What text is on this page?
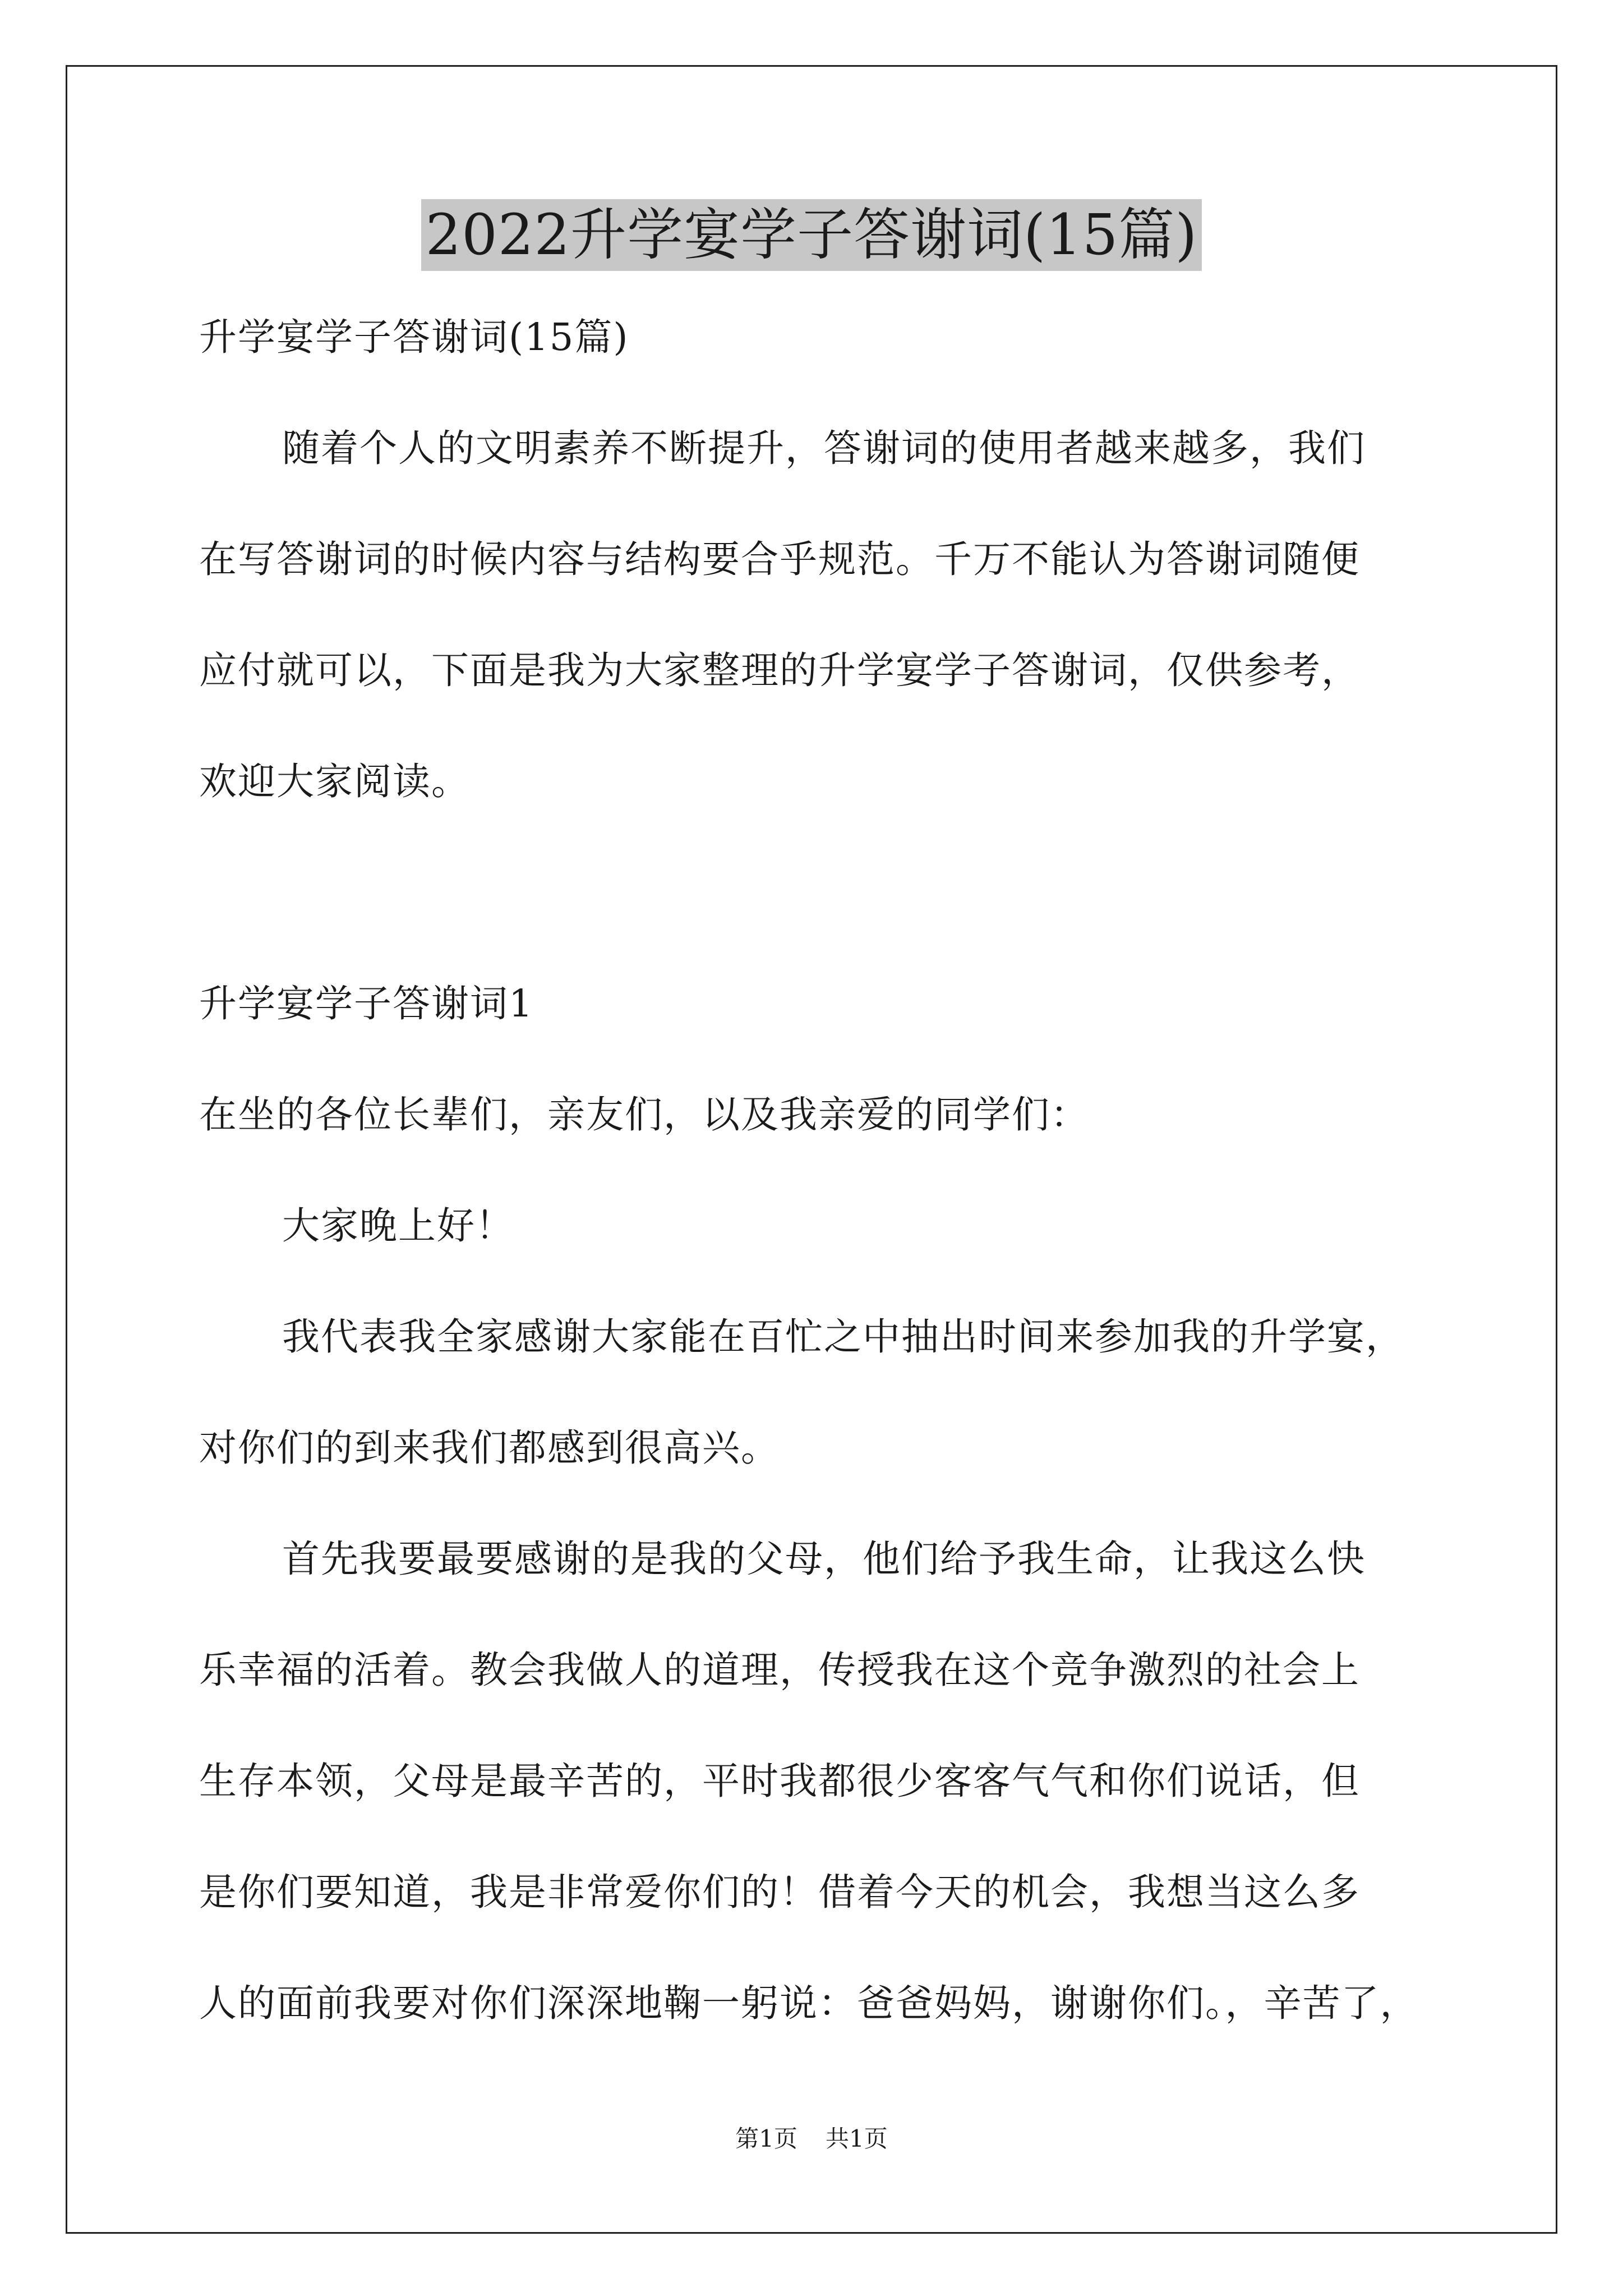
2022升学宴学子答谢词(15篇)
升学宴学子答谢词(15篇)
随着个人的文明素养不断提升，答谢词的使用者越来越多，我们
在写答谢词的时候内容与结构要合乎规范。千万不能认为答谢词随便
应付就可以，下面是我为大家整理的升学宴学子答谢词，仅供参考，
欢迎大家阅读。
升学宴学子答谢词1
在坐的各位长辈们，亲友们，以及我亲爱的同学们：
大家晚上好！
我代表我全家感谢大家能在百忙之中抽出时间来参加我的升学宴，
对你们的到来我们都感到很高兴。
首先我要最要感谢的是我的父母，他们给予我生命，让我这么快
乐幸福的活着。教会我做人的道理，传授我在这个竞争激烈的社会上
生存本领，父母是最辛苦的，平时我都很少客客气气和你们说话，但
是你们要知道，我是非常爱你们的！借着今天的机会，我想当这么多
人的面前我要对你们深深地鞠一躬说：爸爸妈妈，谢谢你们。，辛苦了，
第1页 共1页
